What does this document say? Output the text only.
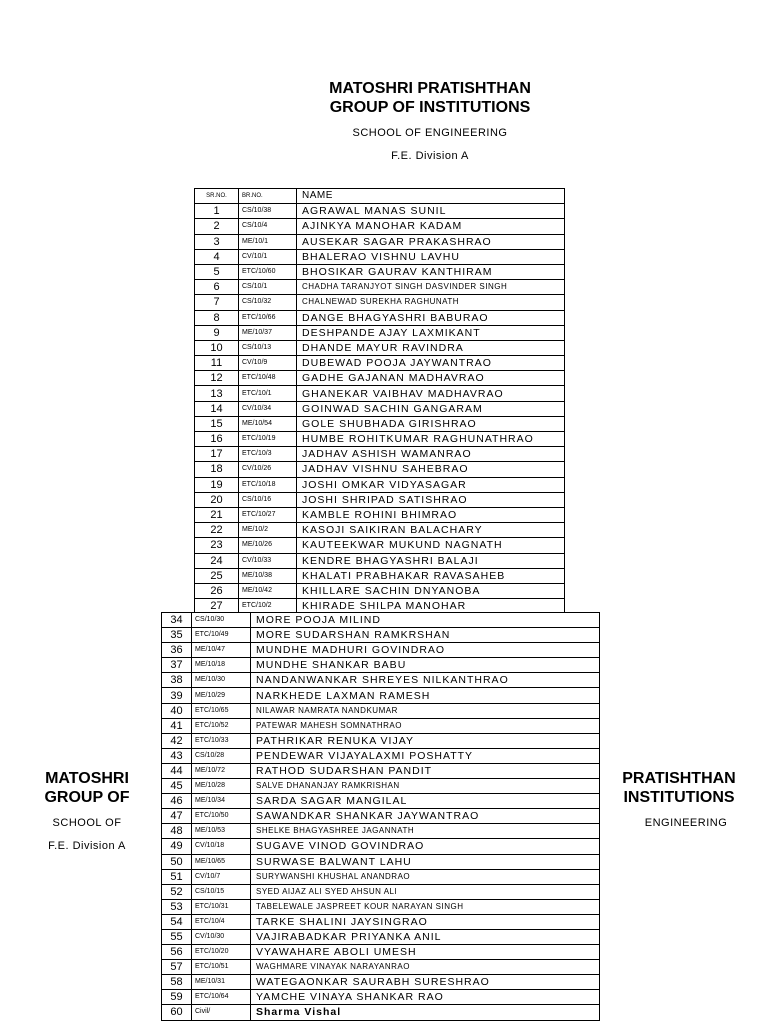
MATOSHRI PRATISHTHAN
GROUP OF INSTITUTIONS
SCHOOL OF ENGINEERING
F.E. Division A
MATOSHRI
GROUP OF
SCHOOL OF
F.E. Division A
PRATISHTHAN
INSTITUTIONS
ENGINEERING
SR.NO.	BR.NO.	NAME
1	CS/10/38	AGRAWAL MANAS SUNIL
2	CS/10/4	AJINKYA MANOHAR KADAM
3	ME/10/1	AUSEKAR SAGAR PRAKASHRAO
4	CV/10/1	BHALERAO VISHNU LAVHU
5	ETC/10/60	BHOSIKAR GAURAV KANTHIRAM
6	CS/10/1	CHADHA TARANJYOT SINGH DASVINDER SINGH
7	CS/10/32	CHALNEWAD SUREKHA RAGHUNATH
8	ETC/10/66	DANGE BHAGYASHRI BABURAO
9	ME/10/37	DESHPANDE AJAY LAXMIKANT
10	CS/10/13	DHANDE MAYUR RAVINDRA
11	CV/10/9	DUBEWAD POOJA JAYWANTRAO
12	ETC/10/48	GADHE GAJANAN MADHAVRAO
13	ETC/10/1	GHANEKAR VAIBHAV MADHAVRAO
14	CV/10/34	GOINWAD SACHIN GANGARAM
15	ME/10/54	GOLE SHUBHADA GIRISHRAO
16	ETC/10/19	HUMBE ROHITKUMAR RAGHUNATHRAO
17	ETC/10/3	JADHAV ASHISH WAMANRAO
18	CV/10/26	JADHAV VISHNU SAHEBRAO
19	ETC/10/18	JOSHI OMKAR VIDYASAGAR
20	CS/10/16	JOSHI SHRIPAD SATISHRAO
21	ETC/10/27	KAMBLE ROHINI BHIMRAO
22	ME/10/2	KASOJI SAIKIRAN BALACHARY
23	ME/10/26	KAUTEEKWAR MUKUND NAGNATH
24	CV/10/33	KENDRE BHAGYASHRI BALAJI
25	ME/10/38	KHALATI PRABHAKAR RAVASAHEB
26	ME/10/42	KHILLARE SACHIN DNYANOBA
27	ETC/10/2	KHIRADE SHILPA MANOHAR
34	CS/10/30	MORE POOJA MILIND
35	ETC/10/49	MORE SUDARSHAN RAMKRSHAN
36	ME/10/47	MUNDHE MADHURI GOVINDRAO
37	ME/10/18	MUNDHE SHANKAR BABU
38	ME/10/30	NANDANWANKAR SHREYES NILKANTHRAO
39	ME/10/29	NARKHEDE LAXMAN RAMESH
40	ETC/10/65	NILAWAR NAMRATA NANDKUMAR
41	ETC/10/52	PATEWAR MAHESH SOMNATHRAO
42	ETC/10/33	PATHRIKAR RENUKA VIJAY
43	CS/10/28	PENDEWAR VIJAYALAXMI POSHATTY
44	ME/10/72	RATHOD SUDARSHAN PANDIT
45	ME/10/28	SALVE DHANANJAY RAMKRISHAN
46	ME/10/34	SARDA SAGAR MANGILAL
47	ETC/10/50	SAWANDKAR SHANKAR JAYWANTRAO
48	ME/10/53	SHELKE BHAGYASHREE JAGANNATH
49	CV/10/18	SUGAVE VINOD GOVINDRAO
50	ME/10/65	SURWASE BALWANT LAHU
51	CV/10/7	SURYWANSHI KHUSHAL ANANDRAO
52	CS/10/15	SYED AIJAZ ALI SYED AHSUN ALI
53	ETC/10/31	TABELEWALE JASPREET KOUR NARAYAN SINGH
54	ETC/10/4	TARKE SHALINI JAYSINGRAO
55	CV/10/30	VAJIRABADKAR PRIYANKA ANIL
56	ETC/10/20	VYAWAHARE ABOLI UMESH
57	ETC/10/51	WAGHMARE VINAYAK NARAYANRAO
58	ME/10/31	WATEGAONKAR SAURABH SURESHRAO
59	ETC/10/64	YAMCHE VINAYA SHANKAR RAO
60	Civil/	Sharma Vishal
